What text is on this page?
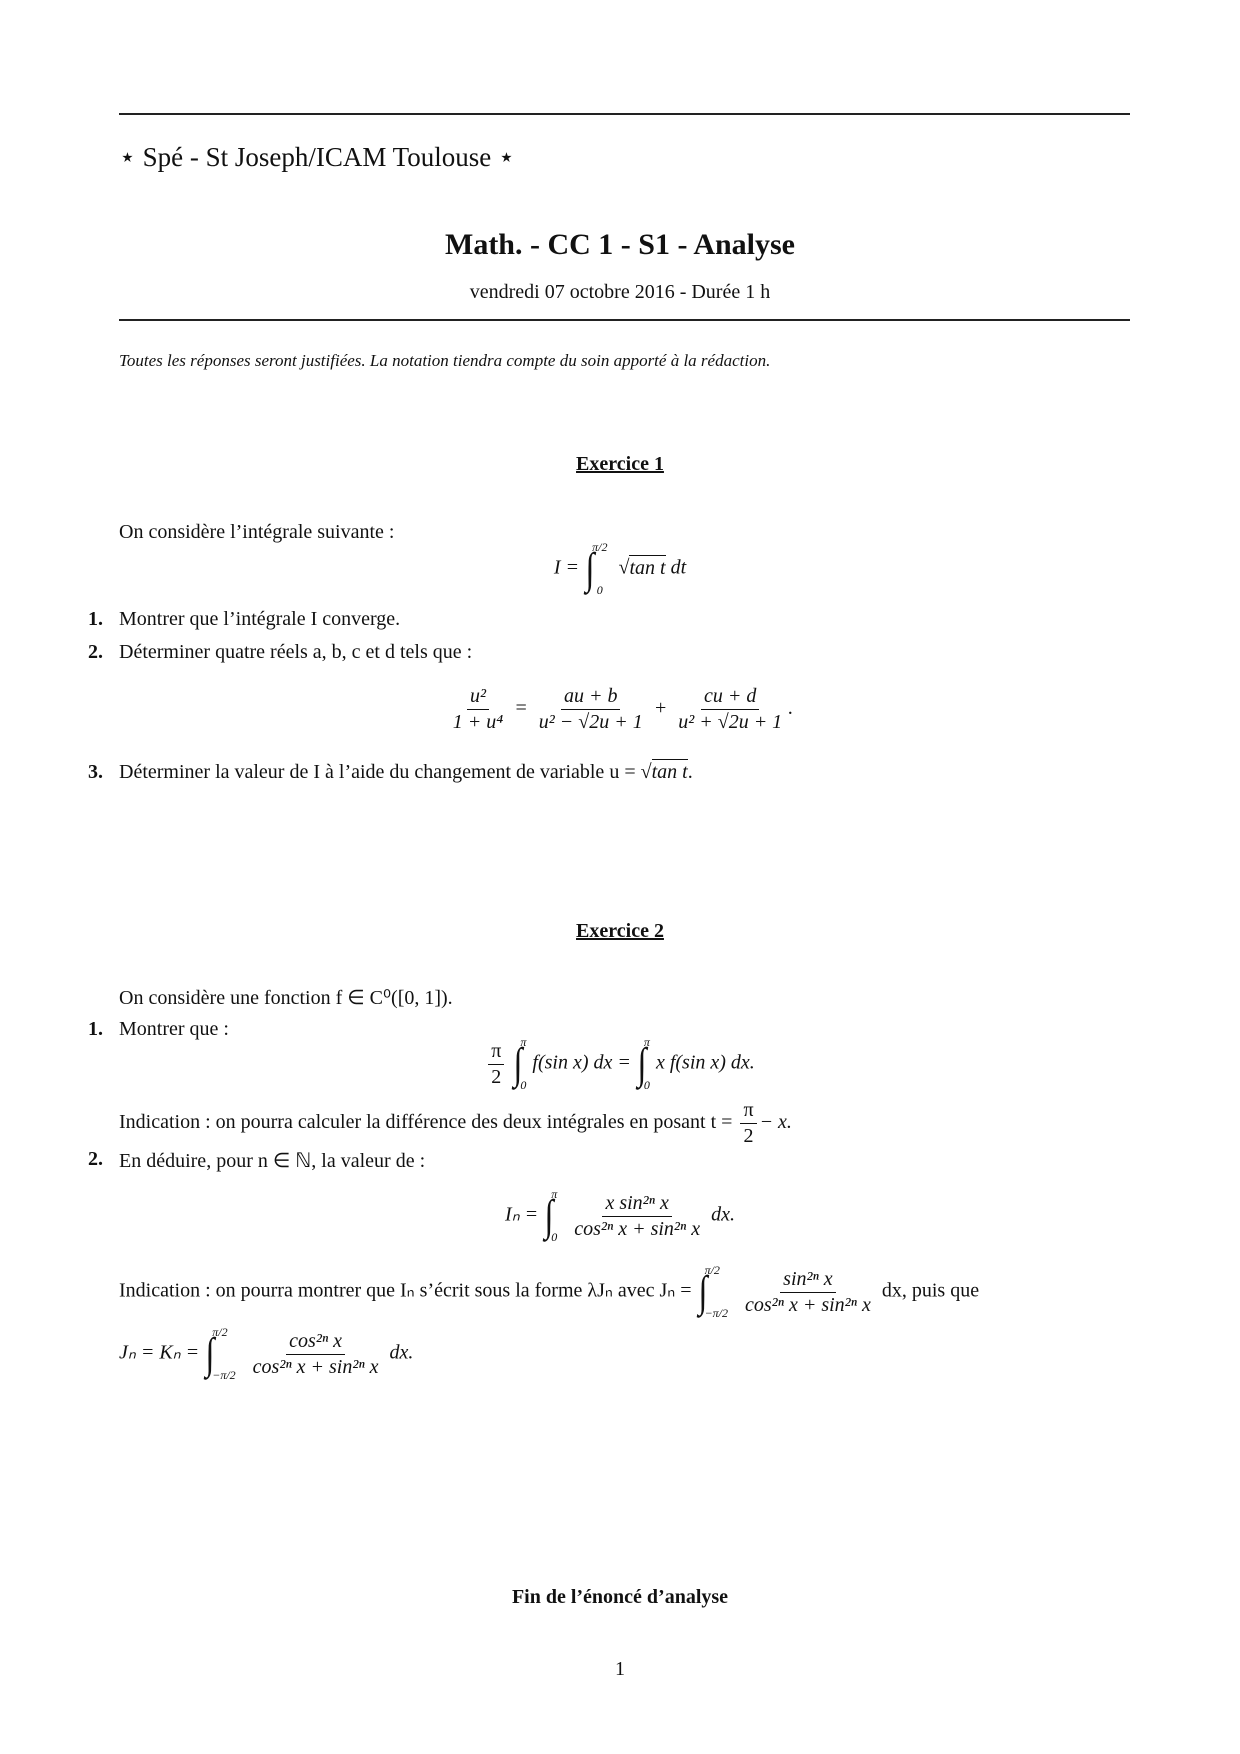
⋆ Spé - St Joseph/ICAM Toulouse ⋆
Math. - CC 1 - S1 - Analyse
vendredi 07 octobre 2016 - Durée 1 h
Toutes les réponses seront justifiées. La notation tiendra compte du soin apporté à la rédaction.
Exercice 1
On considère l’intégrale suivante :
I = ∫
π/2
0
√tan t dt
1. Montrer que l’intégrale I converge.
2. Déterminer quatre réels a, b, c et d tels que :
$\frac{\text{u²}}{\text{1 + u⁴}} = \frac{au + b}{\text{u² − √2u + 1}} + \frac{cu + d}{\text{u² + √2u + 1}}$ .
3. Déterminer la valeur de I à l’aide du changement de variable u = √tan t.
Exercice 2
On considère une fonction f ∈ C⁰([0, 1]).
1. Montrer que :
$\frac{\pi}{2}$
∫
π
0
f(sin x) dx = ∫
π
0
x f(sin x) dx.
Indication : on pourra calculer la différence des deux intégrales en posant $t = \frac{\pi}{2} - x$.
2. En déduire, pour n ∈ ℕ, la valeur de :
Iₙ = ∫
π
0
$\frac{\text{x sin²ⁿ x}}{\text{cos²ⁿ x + sin²ⁿ x}}$ dx.
Indication : on pourra montrer que Iₙ s’écrit sous la forme λJₙ avec Jₙ = ∫
π/2
−π/2
$\frac{\text{sin²ⁿ x}}{\text{cos²ⁿ x + sin²ⁿ x}}$ dx, puis que
Jₙ = Kₙ = ∫
π/2
−π/2
$\frac{\text{cos²ⁿ x}}{\text{cos²ⁿ x + sin²ⁿ x}}$ dx.
Fin de l’énoncé d’analyse
1
